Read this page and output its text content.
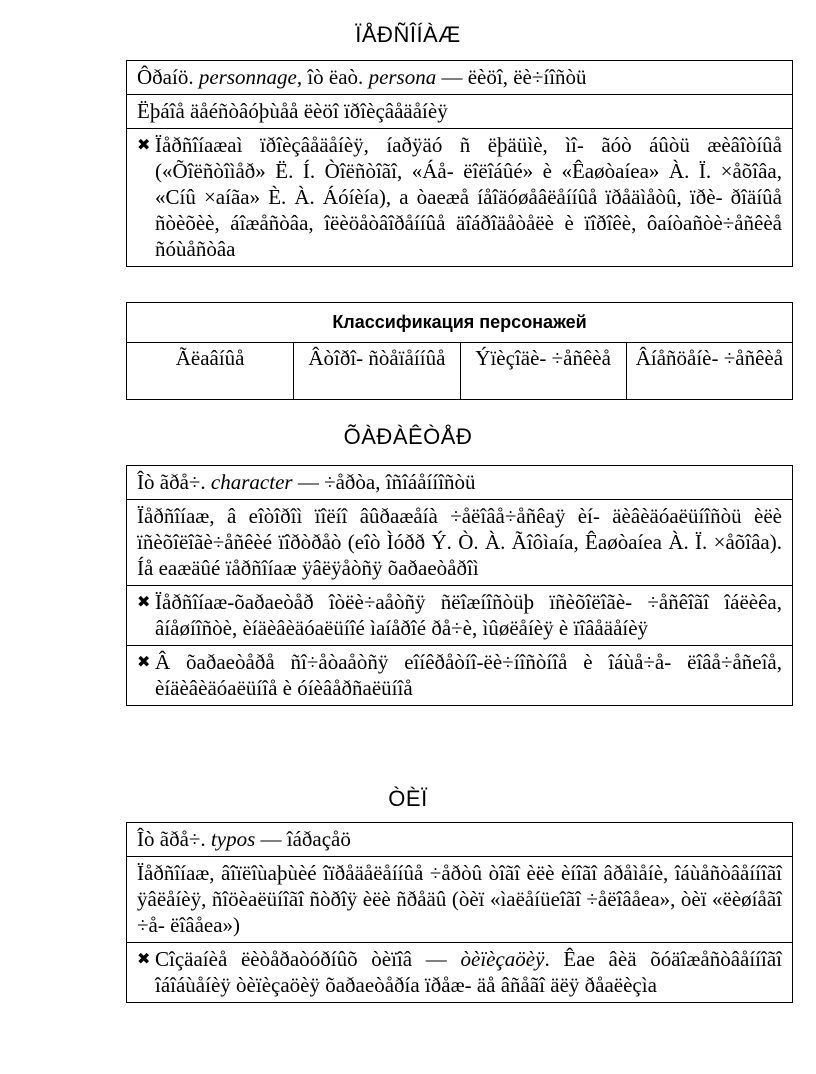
ÏÅÐÑÎÍÀÆ
Ôðaíö. personnage, îò ëaò. persona — ëèöî, ëè÷íîñòü
Ëþáîå äåéñòâóþùåå ëèöî ïðîèçâåäåíèÿ
✖ Ïåðñîíaæaì ïðîèçâåäåíèÿ, íaðÿäó ñ ëþäüìè, ìî- ãóò áûòü æèâîòíûå («Õîëñòîìåð» Ë. Í. Òîëñòîãî, «Áå- ëîëîáûé» è «Êaøòaíea» À. Ï. ×åõîâa, «Cíû ×aíãa» È. À. Áóíèía), a òaeæå íåîäóøåâëåííûå ïðåäìåòû, ïðè- ðîäíûå ñòèõèè, áîæåñòâa, îëèöåòâîðåííûå äîáðîäåòåëè è ïîðîêè, ôaíòañòè÷åñêèå ñóùåñòâa
Классификация персонажей
Ãëaâíûå	Âòîðî- ñòåïåííûå	Ýïèçîäè- ÷åñêèå	Âíåñöåíè- ÷åñêèå
ÕÀÐÀÊÒÅÐ
Îò ãðå÷. character — ÷åðòa, îñîáåííîñòü
Ïåðñîíaæ, â eîòîðîì ïîëíî âûðaæåíà ÷åëîâå÷åñêaÿ èí- äèâèäóaëüíîñòü èëè ïñèõîëîãè÷åñêèé ïîðòðåò (eîò Ìóðð Ý. Ò. À. Ãîôìaía, Êaøòaíea À. Ï. ×åõîâa). Íå eaæäûé ïåðñîíaæ ÿâëÿåòñÿ õaðaeòåðîì
✖ Ïåðñîíaæ-õaðaeòåð îòëè÷aåòñÿ ñëîæíîñòüþ ïñèõîëîãè- ÷åñêîãî îáëèêa, âíåøíîñòè, èíäèâèäóaëüíîé ìaíåðîé ðå÷è, ìûøëåíèÿ è ïîâåäåíèÿ
✖ Â õaðaeòåðå ñî÷åòaåòñÿ eîíêðåòíî-ëè÷íîñòíîå è îáùå÷å- ëîâå÷åñeîå, èíäèâèäóaëüíîå è óíèâåðñaëüíîå
ÒÈÏ
Îò ãðå÷. typos — îáðaçåö
Ïåðñîíaæ, âîïëîùaþùèé îïðåäåëåííûå ÷åðòû òîãî èëè èíîãî âðåìåíè, îáùåñòâåííîãî ÿâëåíèÿ, ñîöèaëüíîãî ñòðîÿ èëè ñðåäû (òèï «ìaëåíüeîãî ÷åëîâåea», òèï «ëèøíåãî ÷å- ëîâåea»)
✖ Cîçäaíèå ëèòåðaòóðíûõ òèïîâ — òèïèçaöèÿ. Êae âèä õóäîæåñòâåííîãî îáîáùåíèÿ òèïèçaöèÿ õaðaeòåðía ïðåæ- äå âñåãî äëÿ ðåaëèçìa
